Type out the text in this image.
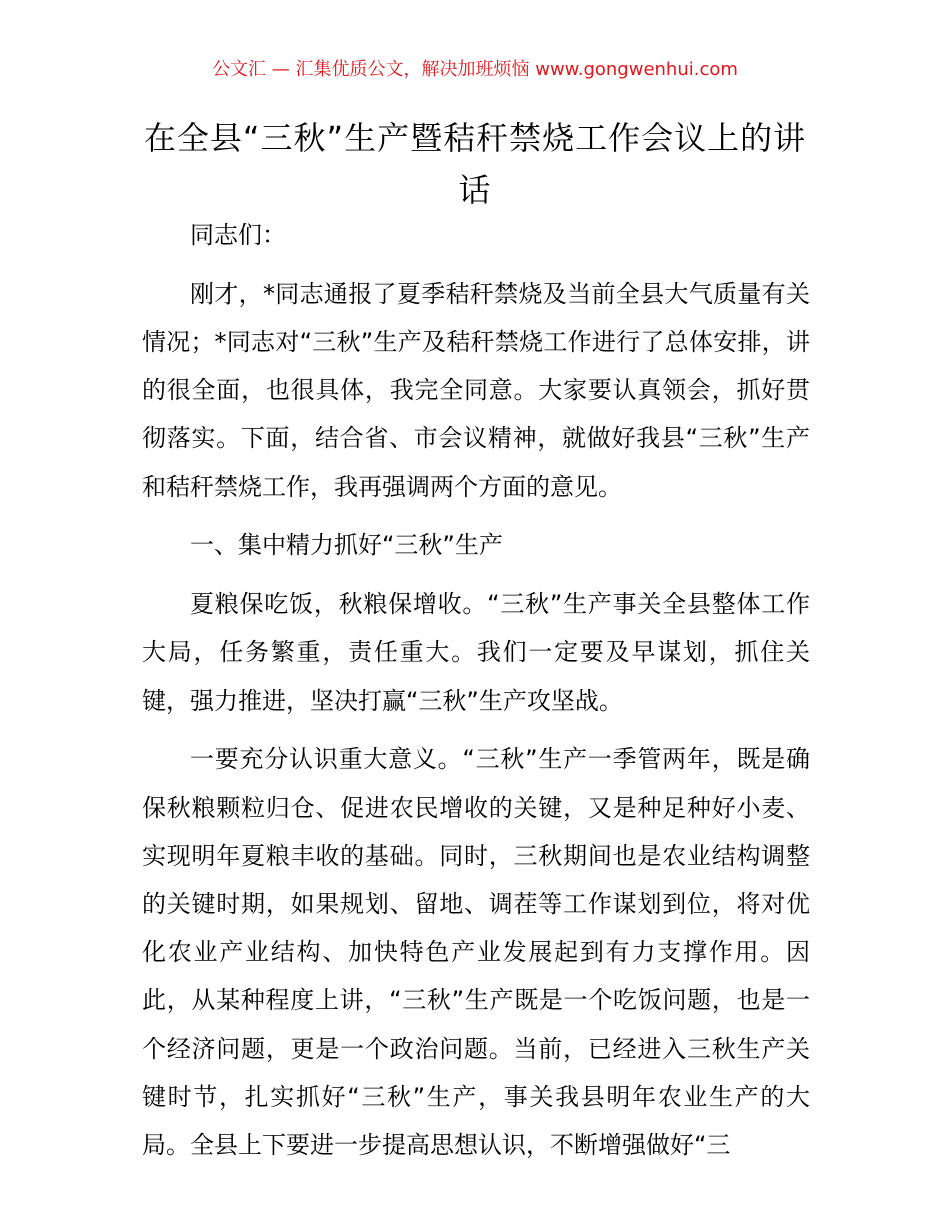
公文汇 — 汇集优质公文，解决加班烦恼 www.gongwenhui.com
在全县“三秋”生产暨秸秆禁烧工作会议上的讲话

同志们：

刚才，*同志通报了夏季秸秆禁烧及当前全县大气质量有关情况；*同志对“三秋”生产及秸秆禁烧工作进行了总体安排，讲的很全面，也很具体，我完全同意。大家要认真领会，抓好贯彻落实。下面，结合省、市会议精神，就做好我县“三秋”生产和秸秆禁烧工作，我再强调两个方面的意见。

一、集中精力抓好“三秋”生产

夏粮保吃饭，秋粮保增收。“三秋”生产事关全县整体工作大局，任务繁重，责任重大。我们一定要及早谋划，抓住关键，强力推进，坚决打赢“三秋”生产攻坚战。

一要充分认识重大意义。“三秋”生产一季管两年，既是确保秋粮颗粒归仓、促进农民增收的关键，又是种足种好小麦、实现明年夏粮丰收的基础。同时，三秋期间也是农业结构调整的关键时期，如果规划、留地、调茬等工作谋划到位，将对优化农业产业结构、加快特色产业发展起到有力支撑作用。因此，从某种程度上讲，“三秋”生产既是一个吃饭问题，也是一个经济问题，更是一个政治问题。当前，已经进入三秋生产关键时节，扎实抓好“三秋”生产，事关我县明年农业生产的大局。全县上下要进一步提高思想认识，不断增强做好“三
